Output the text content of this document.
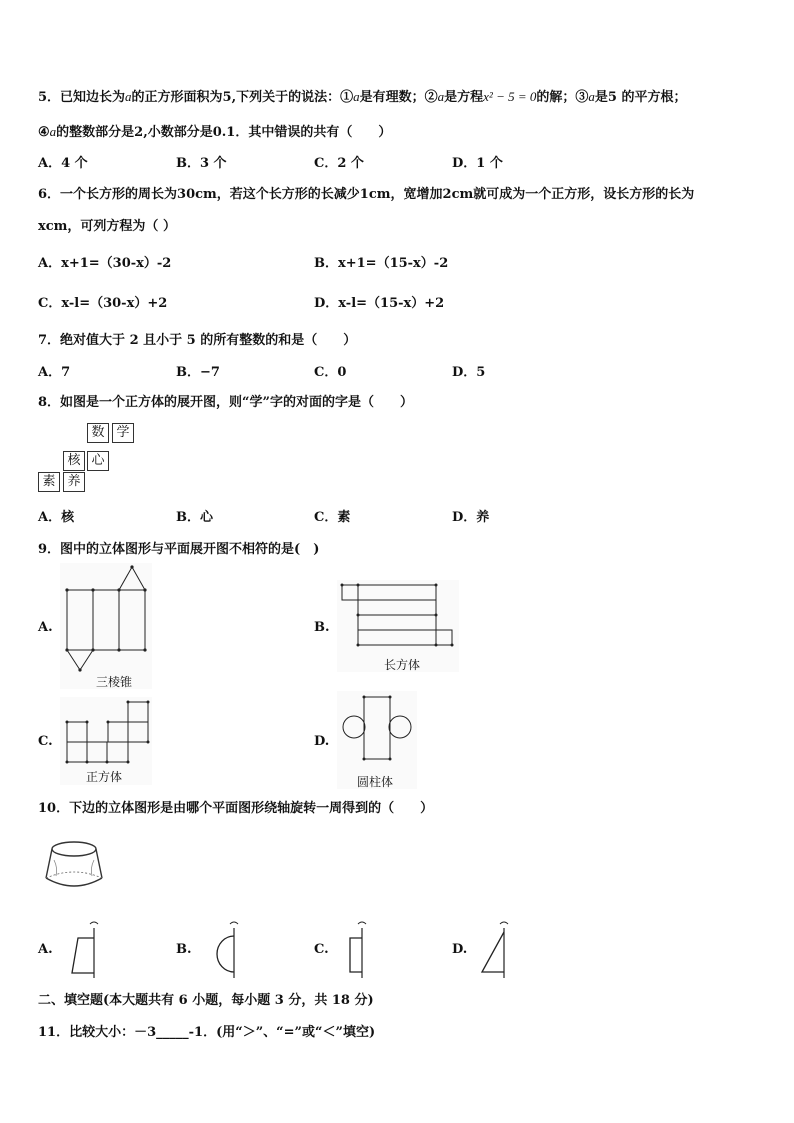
5．已知边长为a的正方形面积为5,下列关于的说法：①a是有理数；②a是方程x² − 5 = 0的解；③a是5 的平方根；
④a的整数部分是2,小数部分是0.1．其中错误的共有（　　）
A．4 个	B．3 个	C．2 个	D．1 个
6．一个长方形的周长为30cm，若这个长方形的长减少1cm，宽增加2cm就可成为一个正方形，设长方形的长为
xcm，可列方程为（ ）
A．x+1=（30-x）-2	B．x+1=（15-x）-2
C．x-l=（30-x）+2	D．x-l=（15-x）+2
7．绝对值大于 2 且小于 5 的所有整数的和是（　　）
A．7	B．−7	C．0	D．5
8．如图是一个正方体的展开图，则“学”字的对面的字是（　　）
数 学
核 心
素 养
A．核	B．心	C．素	D．养
9．图中的立体图形与平面展开图不相符的是(　)
A.
三棱锥
B.
长方体
C.
正方体
D.
圆柱体
10．下边的立体图形是由哪个平面图形绕轴旋转一周得到的（　　）
A.	B.	C.	D.
二、填空题(本大题共有 6 小题，每小题 3 分，共 18 分)
11．比较大小：－3_____-1．(用“＞”、“=”或“＜”填空)
